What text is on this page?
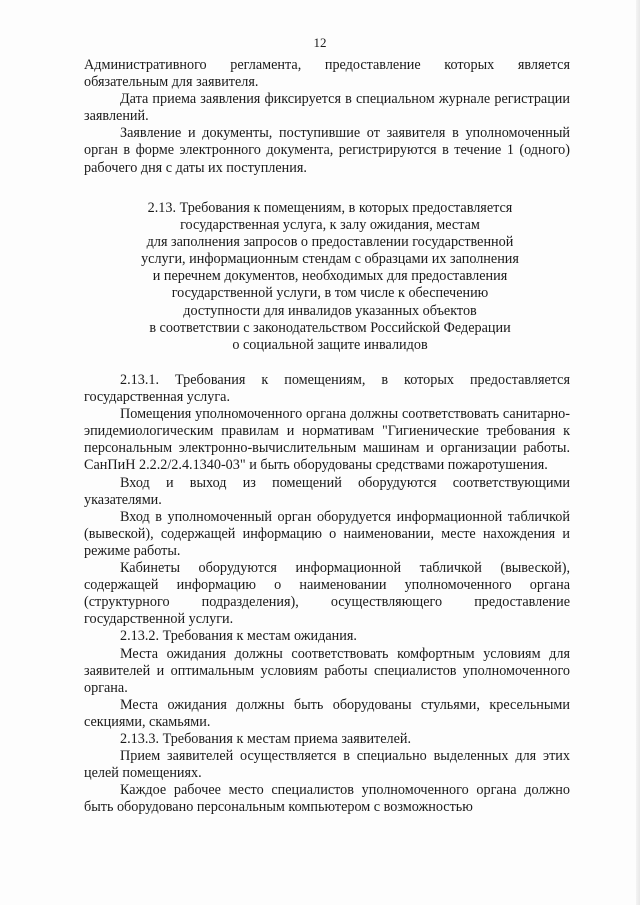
12

Административного регламента, предоставление которых является обязательным для заявителя.

Дата приема заявления фиксируется в специальном журнале регистрации заявлений.

Заявление и документы, поступившие от заявителя в уполномоченный орган в форме электронного документа, регистрируются в течение 1 (одного) рабочего дня с даты их поступления.

2.13. Требования к помещениям, в которых предоставляется
государственная услуга, к залу ожидания, местам
для заполнения запросов о предоставлении государственной
услуги, информационным стендам с образцами их заполнения
и перечнем документов, необходимых для предоставления
государственной услуги, в том числе к обеспечению
доступности для инвалидов указанных объектов
в соответствии с законодательством Российской Федерации
о социальной защите инвалидов

2.13.1. Требования к помещениям, в которых предоставляется государственная услуга.

Помещения уполномоченного органа должны соответствовать санитарно-эпидемиологическим правилам и нормативам "Гигиенические требования к персональным электронно-вычислительным машинам и организации работы. СанПиН 2.2.2/2.4.1340-03" и быть оборудованы средствами пожаротушения.

Вход и выход из помещений оборудуются соответствующими указателями.

Вход в уполномоченный орган оборудуется информационной табличкой (вывеской), содержащей информацию о наименовании, месте нахождения и режиме работы.

Кабинеты оборудуются информационной табличкой (вывеской), содержащей информацию о наименовании уполномоченного органа (структурного подразделения), осуществляющего предоставление государственной услуги.

2.13.2. Требования к местам ожидания.

Места ожидания должны соответствовать комфортным условиям для заявителей и оптимальным условиям работы специалистов уполномоченного органа.

Места ожидания должны быть оборудованы стульями, кресельными секциями, скамьями.

2.13.3. Требования к местам приема заявителей.

Прием заявителей осуществляется в специально выделенных для этих целей помещениях.

Каждое рабочее место специалистов уполномоченного органа должно быть оборудовано персональным компьютером с возможностью
